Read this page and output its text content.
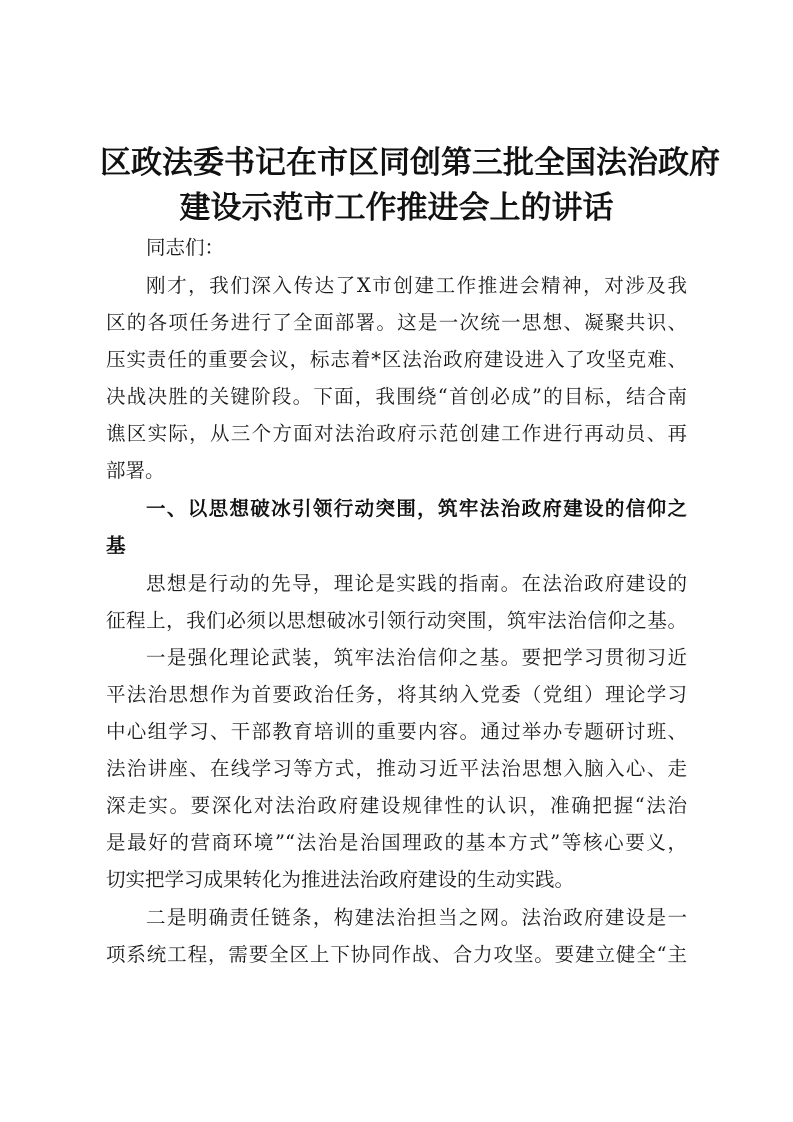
区政法委书记在市区同创第三批全国法治政府
建设示范市工作推进会上的讲话
同志们：
刚才，我们深入传达了X市创建工作推进会精神，对涉及我
区的各项任务进行了全面部署。这是一次统一思想、凝聚共识、
压实责任的重要会议，标志着*区法治政府建设进入了攻坚克难、
决战决胜的关键阶段。下面，我围绕“首创必成”的目标，结合南
谯区实际，从三个方面对法治政府示范创建工作进行再动员、再
部署。
一、以思想破冰引领行动突围，筑牢法治政府建设的信仰之
基
思想是行动的先导，理论是实践的指南。在法治政府建设的
征程上，我们必须以思想破冰引领行动突围，筑牢法治信仰之基。
一是强化理论武装，筑牢法治信仰之基。要把学习贯彻习近
平法治思想作为首要政治任务，将其纳入党委（党组）理论学习
中心组学习、干部教育培训的重要内容。通过举办专题研讨班、
法治讲座、在线学习等方式，推动习近平法治思想入脑入心、走
深走实。要深化对法治政府建设规律性的认识，准确把握“法治
是最好的营商环境”“法治是治国理政的基本方式”等核心要义，
切实把学习成果转化为推进法治政府建设的生动实践。
二是明确责任链条，构建法治担当之网。法治政府建设是一
项系统工程，需要全区上下协同作战、合力攻坚。要建立健全“主
